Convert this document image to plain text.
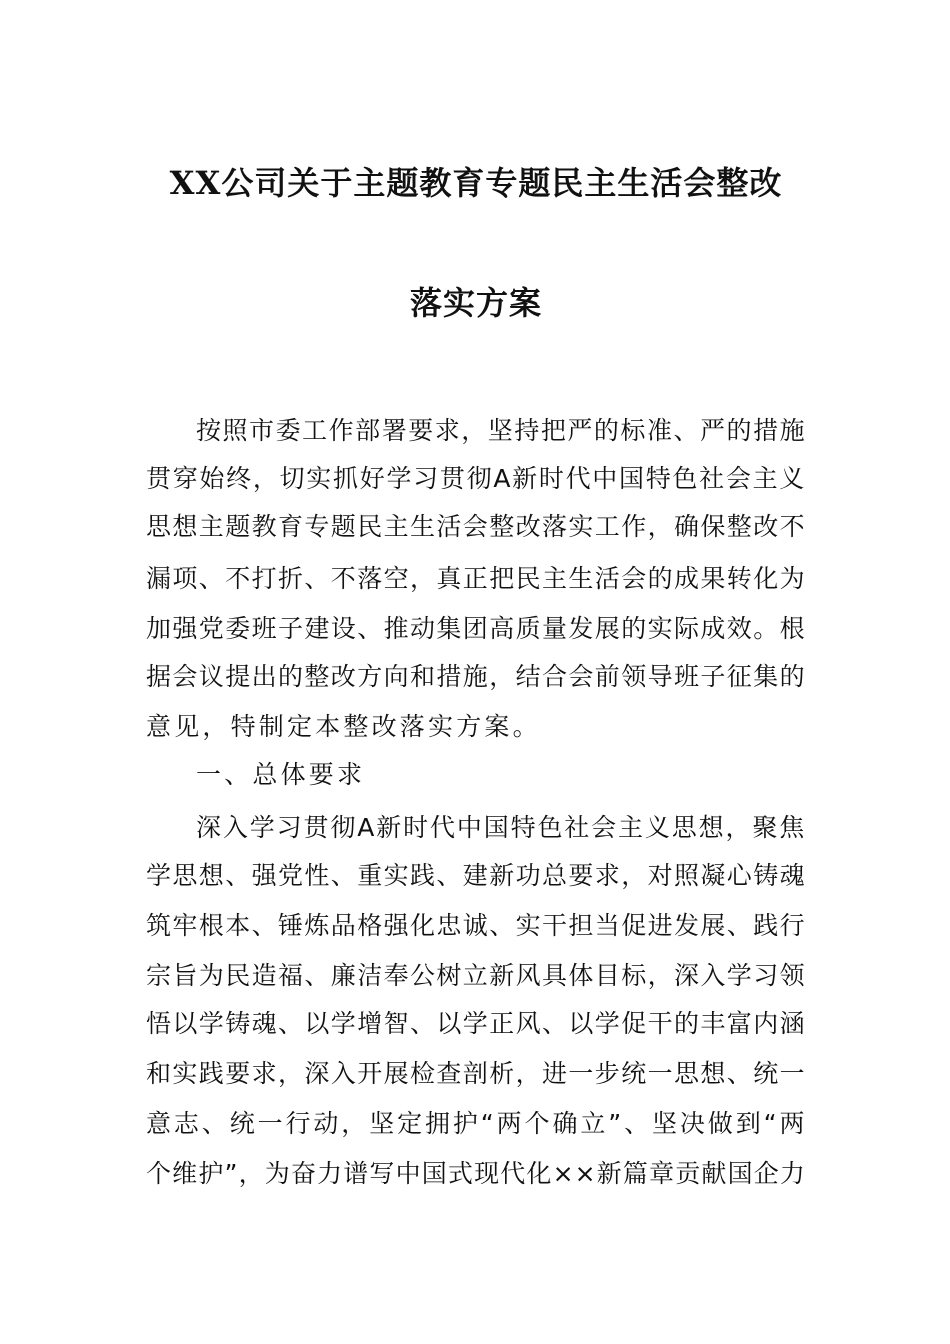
XX公司关于主题教育专题民主生活会整改
落实方案
按照市委工作部署要求，坚持把严的标准、严的措施
贯穿始终，切实抓好学习贯彻A新时代中国特色社会主义
思想主题教育专题民主生活会整改落实工作，确保整改不
漏项、不打折、不落空，真正把民主生活会的成果转化为
加强党委班子建设、推动集团高质量发展的实际成效。根
据会议提出的整改方向和措施，结合会前领导班子征集的
意见，特制定本整改落实方案。
一、总体要求
深入学习贯彻A新时代中国特色社会主义思想，聚焦
学思想、强党性、重实践、建新功总要求，对照凝心铸魂
筑牢根本、锤炼品格强化忠诚、实干担当促进发展、践行
宗旨为民造福、廉洁奉公树立新风具体目标，深入学习领
悟以学铸魂、以学增智、以学正风、以学促干的丰富内涵
和实践要求，深入开展检查剖析，进一步统一思想、统一
意志、统一行动，坚定拥护“两个确立”、坚决做到“两
个维护”，为奋力谱写中国式现代化××新篇章贡献国企力
